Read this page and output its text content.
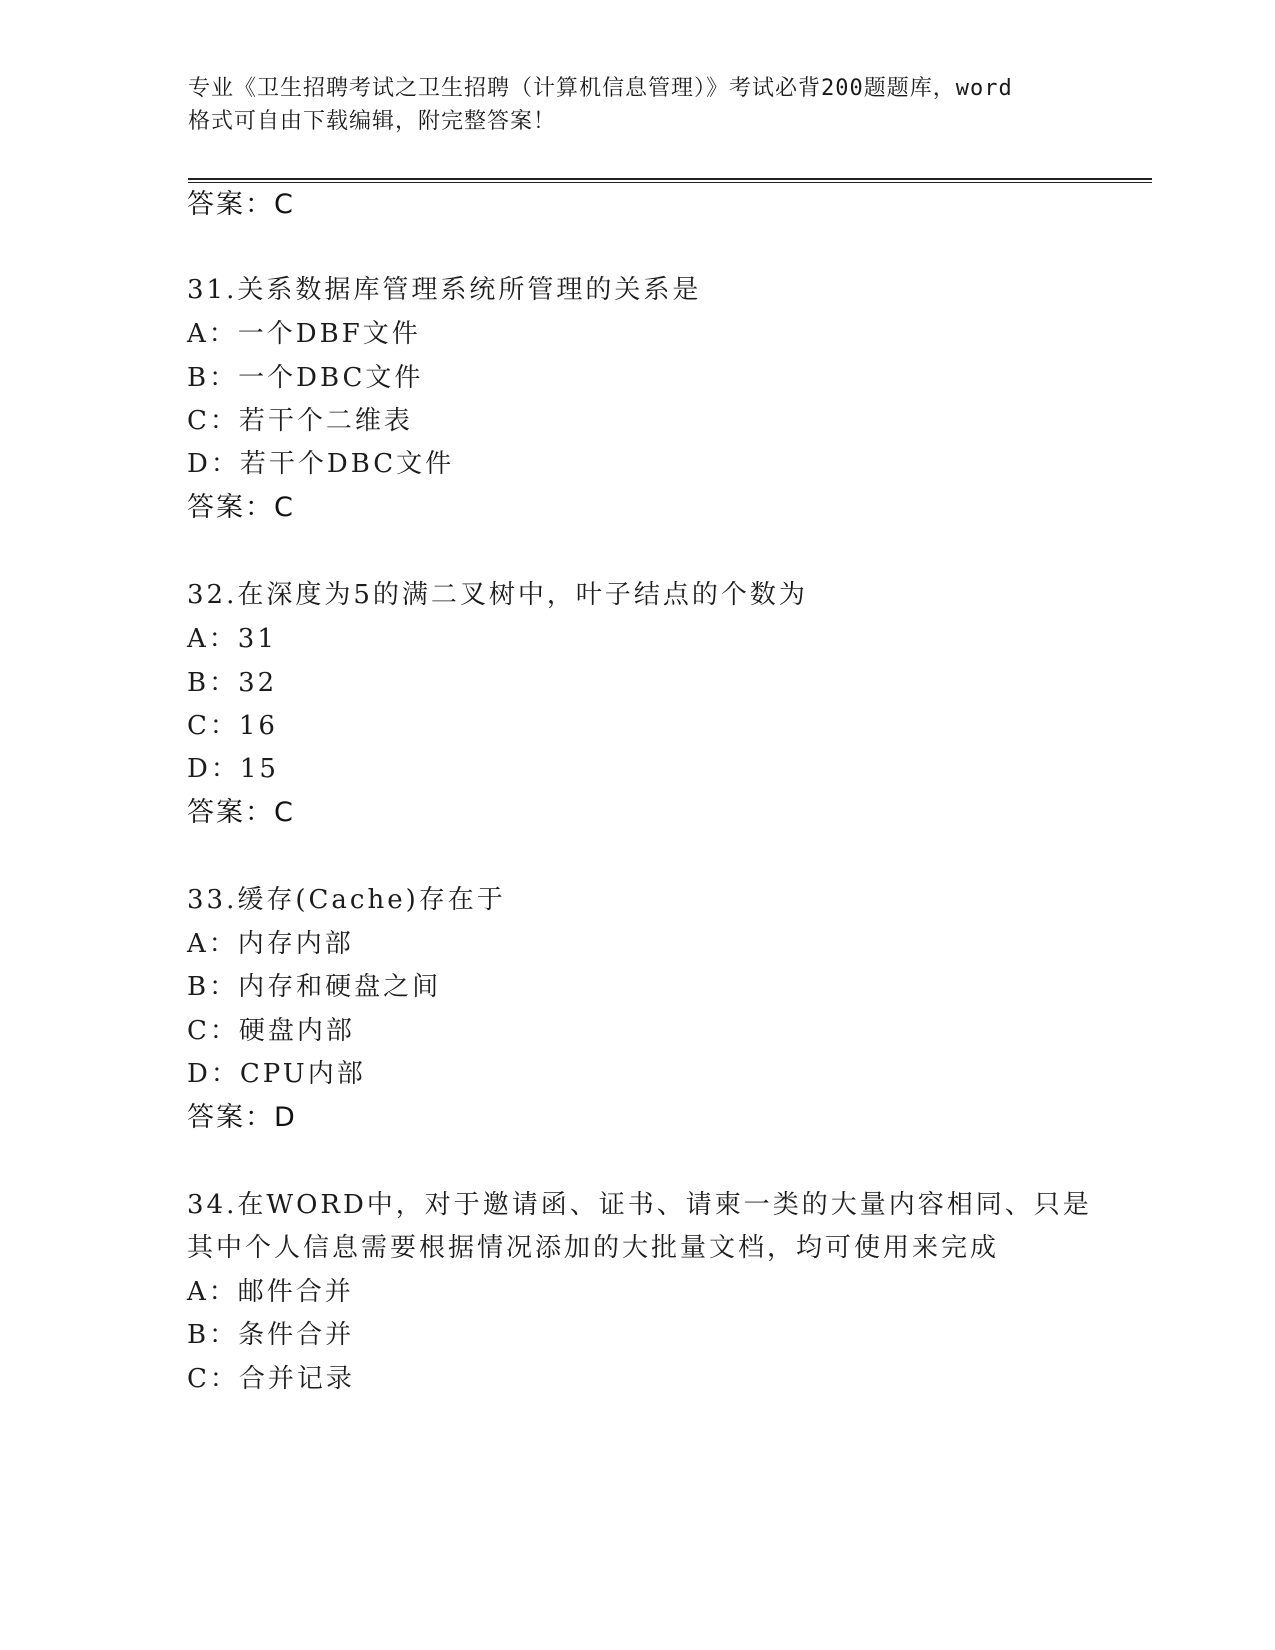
专业《卫生招聘考试之卫生招聘（计算机信息管理）》考试必背200题题库，word
格式可自由下载编辑，附完整答案！

答案：C

31.关系数据库管理系统所管理的关系是

A：一个DBF文件

B：一个DBC文件

C：若干个二维表

D：若干个DBC文件

答案：C

32.在深度为5的满二叉树中，叶子结点的个数为

A：31

B：32

C：16

D：15

答案：C

33.缓存(Cache)存在于

A：内存内部

B：内存和硬盘之间

C：硬盘内部

D：CPU内部

答案：D

34.在WORD中，对于邀请函、证书、请柬一类的大量内容相同、只是

其中个人信息需要根据情况添加的大批量文档，均可使用来完成

A：邮件合并

B：条件合并

C：合并记录
